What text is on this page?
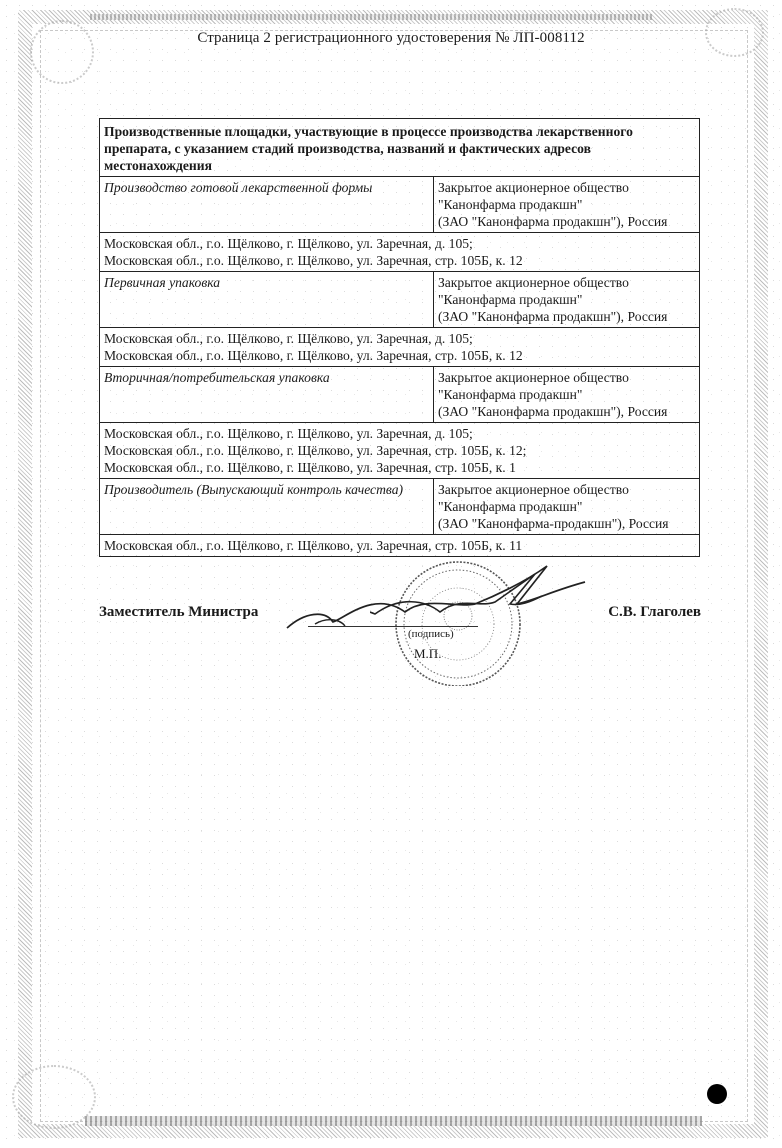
Страница 2 регистрационного удостоверения № ЛП-008112
Производственные площадки, участвующие в процессе производства лекарственного препарата, с указанием стадий производства, названий и фактических адресов местонахождения	
Производство готовой лекарственной формы	Закрытое акционерное общество
"Канонфарма продакшн"
(ЗАО "Канонфарма продакшн"), Россия

Московская обл., г.о. Щёлково, г. Щёлково, ул. Заречная, д. 105;
Московская обл., г.о. Щёлково, г. Щёлково, ул. Заречная, стр. 105Б, к. 12	

Первичная упаковка	Закрытое акционерное общество
"Канонфарма продакшн"
(ЗАО "Канонфарма продакшн"), Россия

Московская обл., г.о. Щёлково, г. Щёлково, ул. Заречная, д. 105;
Московская обл., г.о. Щёлково, г. Щёлково, ул. Заречная, стр. 105Б, к. 12	

Вторичная/потребительская упаковка	Закрытое акционерное общество
"Канонфарма продакшн"
(ЗАО "Канонфарма продакшн"), Россия

Московская обл., г.о. Щёлково, г. Щёлково, ул. Заречная, д. 105;
Московская обл., г.о. Щёлково, г. Щёлково, ул. Заречная, стр. 105Б, к. 12;
Московская обл., г.о. Щёлково, г. Щёлково, ул. Заречная, стр. 105Б, к. 1	

Производитель (Выпускающий контроль качества)	Закрытое акционерное общество
"Канонфарма продакшн"
(ЗАО "Канонфарма-продакшн"), Россия

Московская обл., г.о. Щёлково, г. Щёлково, ул. Заречная, стр. 105Б, к. 11	
(подпись)
М.П.
Заместитель Министра	С.В. Глаголев
